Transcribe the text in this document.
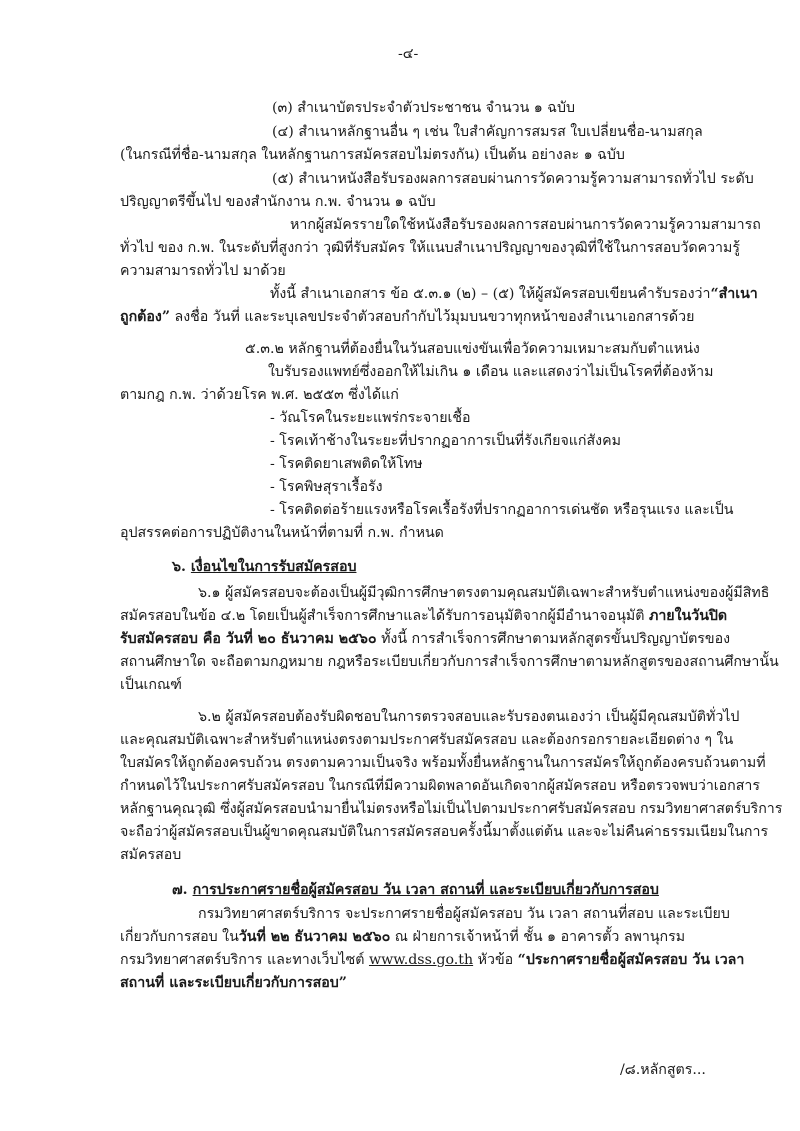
-๔-
(๓) สำเนาบัตรประจำตัวประชาชน จำนวน ๑ ฉบับ
(๔) สำเนาหลักฐานอื่น ๆ เช่น ใบสำคัญการสมรส ใบเปลี่ยนชื่อ-นามสกุล
(ในกรณีที่ชื่อ-นามสกุล ในหลักฐานการสมัครสอบไม่ตรงกัน) เป็นต้น อย่างละ ๑ ฉบับ
(๕) สำเนาหนังสือรับรองผลการสอบผ่านการวัดความรู้ความสามารถทั่วไป ระดับ
ปริญญาตรีขึ้นไป ของสำนักงาน ก.พ. จำนวน ๑ ฉบับ
หากผู้สมัครรายใดใช้หนังสือรับรองผลการสอบผ่านการวัดความรู้ความสามารถ
ทั่วไป ของ ก.พ. ในระดับที่สูงกว่า วุฒิที่รับสมัคร ให้แนบสำเนาปริญญาของวุฒิที่ใช้ในการสอบวัดความรู้
ความสามารถทั่วไป มาด้วย
ทั้งนี้ สำเนาเอกสาร ข้อ ๕.๓.๑ (๒) – (๕) ให้ผู้สมัครสอบเขียนคำรับรองว่า“สำเนา
ถูกต้อง” ลงชื่อ วันที่ และระบุเลขประจำตัวสอบกำกับไว้มุมบนขวาทุกหน้าของสำเนาเอกสารด้วย
๕.๓.๒ หลักฐานที่ต้องยื่นในวันสอบแข่งขันเพื่อวัดความเหมาะสมกับตำแหน่ง
ใบรับรองแพทย์ซึ่งออกให้ไม่เกิน ๑ เดือน และแสดงว่าไม่เป็นโรคที่ต้องห้าม
ตามกฎ ก.พ. ว่าด้วยโรค พ.ศ. ๒๕๕๓ ซึ่งได้แก่
- วัณโรคในระยะแพร่กระจายเชื้อ
- โรคเท้าช้างในระยะที่ปรากฏอาการเป็นที่รังเกียจแก่สังคม
- โรคติดยาเสพติดให้โทษ
- โรคพิษสุราเรื้อรัง
- โรคติดต่อร้ายแรงหรือโรคเรื้อรังที่ปรากฏอาการเด่นชัด หรือรุนแรง และเป็น
อุปสรรคต่อการปฏิบัติงานในหน้าที่ตามที่ ก.พ. กำหนด
๖. เงื่อนไขในการรับสมัครสอบ
๖.๑ ผู้สมัครสอบจะต้องเป็นผู้มีวุฒิการศึกษาตรงตามคุณสมบัติเฉพาะสำหรับตำแหน่งของผู้มีสิทธิ
สมัครสอบในข้อ ๔.๒ โดยเป็นผู้สำเร็จการศึกษาและได้รับการอนุมัติจากผู้มีอำนาจอนุมัติ ภายในวันปิด
รับสมัครสอบ คือ วันที่ ๒๐ ธันวาคม ๒๕๖๐ ทั้งนี้ การสำเร็จการศึกษาตามหลักสูตรขั้นปริญญาบัตรของ
สถานศึกษาใด จะถือตามกฎหมาย กฎหรือระเบียบเกี่ยวกับการสำเร็จการศึกษาตามหลักสูตรของสถานศึกษานั้น
เป็นเกณฑ์
๖.๒ ผู้สมัครสอบต้องรับผิดชอบในการตรวจสอบและรับรองตนเองว่า เป็นผู้มีคุณสมบัติทั่วไป
และคุณสมบัติเฉพาะสำหรับตำแหน่งตรงตามประกาศรับสมัครสอบ และต้องกรอกรายละเอียดต่าง ๆ ใน
ใบสมัครให้ถูกต้องครบถ้วน ตรงตามความเป็นจริง พร้อมทั้งยื่นหลักฐานในการสมัครให้ถูกต้องครบถ้วนตามที่
กำหนดไว้ในประกาศรับสมัครสอบ ในกรณีที่มีความผิดพลาดอันเกิดจากผู้สมัครสอบ หรือตรวจพบว่าเอกสาร
หลักฐานคุณวุฒิ ซึ่งผู้สมัครสอบนำมายื่นไม่ตรงหรือไม่เป็นไปตามประกาศรับสมัครสอบ กรมวิทยาศาสตร์บริการ
จะถือว่าผู้สมัครสอบเป็นผู้ขาดคุณสมบัติในการสมัครสอบครั้งนี้มาตั้งแต่ต้น และจะไม่คืนค่าธรรมเนียมในการ
สมัครสอบ
๗. การประกาศรายชื่อผู้สมัครสอบ วัน เวลา สถานที่ และระเบียบเกี่ยวกับการสอบ
กรมวิทยาศาสตร์บริการ จะประกาศรายชื่อผู้สมัครสอบ วัน เวลา สถานที่สอบ และระเบียบ
เกี่ยวกับการสอบ ในวันที่ ๒๒ ธันวาคม ๒๕๖๐ ณ ฝ่ายการเจ้าหน้าที่ ชั้น ๑ อาคารตั้ว ลพานุกรม
กรมวิทยาศาสตร์บริการ และทางเว็บไซต์ www.dss.go.th หัวข้อ “ประกาศรายชื่อผู้สมัครสอบ วัน เวลา
สถานที่ และระเบียบเกี่ยวกับการสอบ”
/๘.หลักสูตร...
